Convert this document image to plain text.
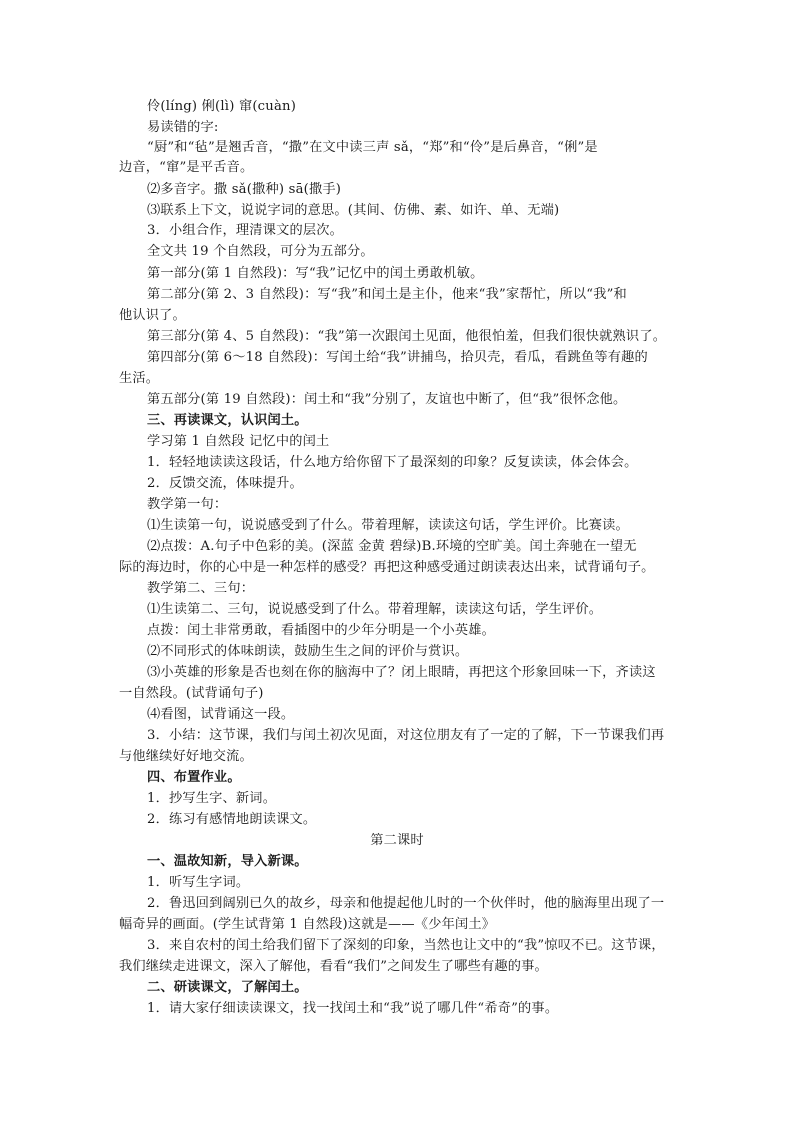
伶(líng) 俐(lì) 窜(cuàn)
易读错的字:
“厨”和“毡”是翘舌音，“撒”在文中读三声 sǎ，“郑”和“伶”是后鼻音，“俐”是
边音，“窜”是平舌音。
⑵多音字。撒 sǎ(撒种) sā(撒手)
⑶联系上下文，说说字词的意思。(其间、仿佛、素、如许、单、无端)
3．小组合作，理清课文的层次。
全文共 19 个自然段，可分为五部分。
第一部分(第 1 自然段)：写“我”记忆中的闰土勇敢机敏。
第二部分(第 2、3 自然段)：写“我”和闰土是主仆，他来“我”家帮忙，所以“我”和
他认识了。
第三部分(第 4、5 自然段)：“我”第一次跟闰土见面，他很怕羞，但我们很快就熟识了。
第四部分(第 6～18 自然段)：写闰土给“我”讲捕鸟，拾贝壳，看瓜，看跳鱼等有趣的
生活。
第五部分(第 19 自然段)：闰土和“我”分别了，友谊也中断了，但“我”很怀念他。
三、再读课文，认识闰土。
学习第 1 自然段 记忆中的闰土
1．轻轻地读读这段话，什么地方给你留下了最深刻的印象？反复读读，体会体会。
2．反馈交流，体味提升。
教学第一句：
⑴生读第一句，说说感受到了什么。带着理解，读读这句话，学生评价。比赛读。
⑵点拨：A.句子中色彩的美。(深蓝 金黄 碧绿)B.环境的空旷美。闰土奔驰在一望无
际的海边时，你的心中是一种怎样的感受？再把这种感受通过朗读表达出来，试背诵句子。
教学第二、三句：
⑴生读第二、三句，说说感受到了什么。带着理解，读读这句话，学生评价。
点拨：闰土非常勇敢，看插图中的少年分明是一个小英雄。
⑵不同形式的体味朗读，鼓励生生之间的评价与赏识。
⑶小英雄的形象是否也刻在你的脑海中了？闭上眼睛，再把这个形象回味一下，齐读这
一自然段。(试背诵句子)
⑷看图，试背诵这一段。
3．小结：这节课，我们与闰土初次见面，对这位朋友有了一定的了解，下一节课我们再
与他继续好好地交流。
四、布置作业。
1．抄写生字、新词。
2．练习有感情地朗读课文。
第二课时
一、温故知新，导入新课。
1．听写生字词。
2．鲁迅回到阔别已久的故乡，母亲和他提起他儿时的一个伙伴时，他的脑海里出现了一
幅奇异的画面。(学生试背第 1 自然段)这就是——《少年闰土》
3．来自农村的闰土给我们留下了深刻的印象，当然也让文中的“我”惊叹不已。这节课，
我们继续走进课文，深入了解他，看看“我们”之间发生了哪些有趣的事。
二、研读课文，了解闰土。
1．请大家仔细读读课文，找一找闰土和“我”说了哪几件“希奇”的事。
